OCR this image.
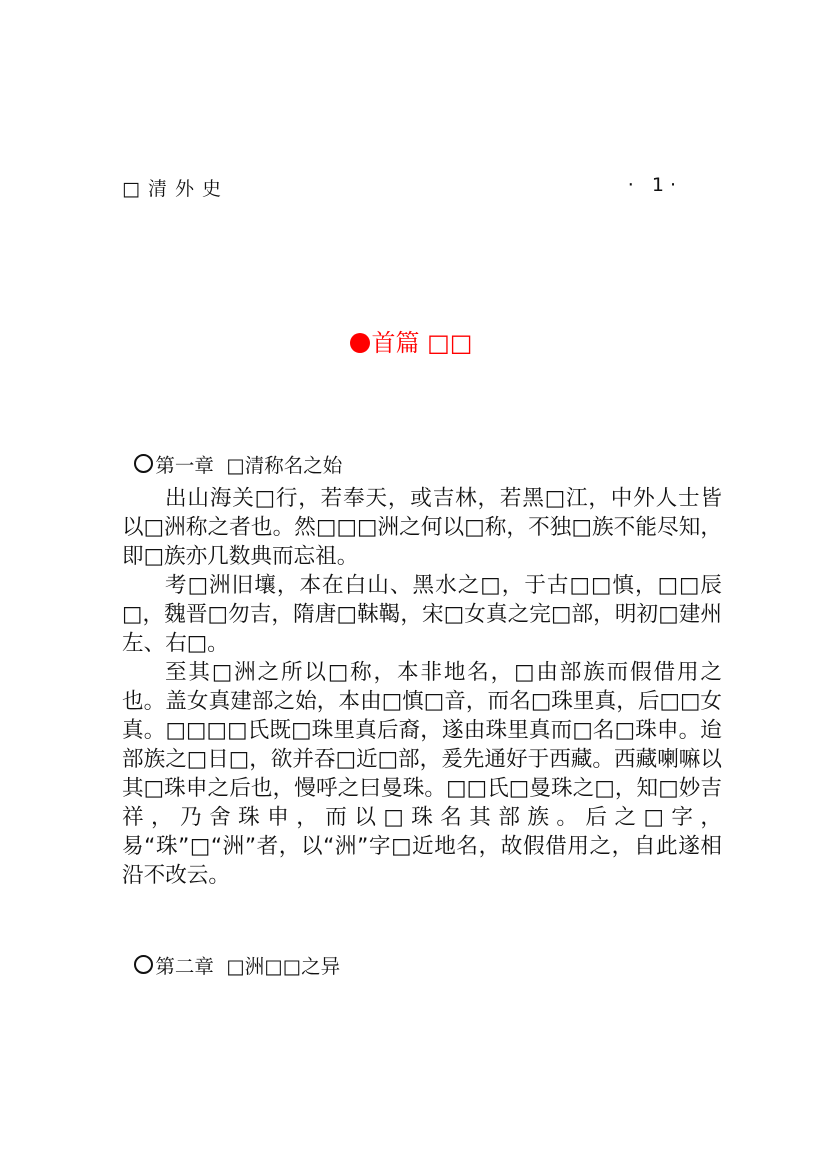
□清外史	· 1·
首篇 □□

第一章  □清称名之始

出山海关□行，若奉天，或吉林，若黑□江，中外人士皆以□洲称之者也。然□□□洲之何以□称，不独□族不能尽知，即□族亦几数典而忘祖。

考□洲旧壤，本在白山、黑水之□，于古□□慎，□□辰□，魏晋□勿吉，隋唐□靺鞨，宋□女真之完□部，明初□建州左、右□。

至其□洲之所以□称，本非地名，□由部族而假借用之也。盖女真建部之始，本由□慎□音，而名□珠里真，后□□女真。□□□□氏既□珠里真后裔，遂由珠里真而□名□珠申。迨部族之□日□，欲并吞□近□部，爰先通好于西藏。西藏喇嘛以其□珠申之后也，慢呼之曰曼珠。□□氏□曼珠之□，知□妙吉祥，乃舍珠申，而以□珠名其部族。后之□字，易“珠”□“洲”者，以“洲”字□近地名，故假借用之，自此遂相沿不改云。

第二章  □洲□□之异
